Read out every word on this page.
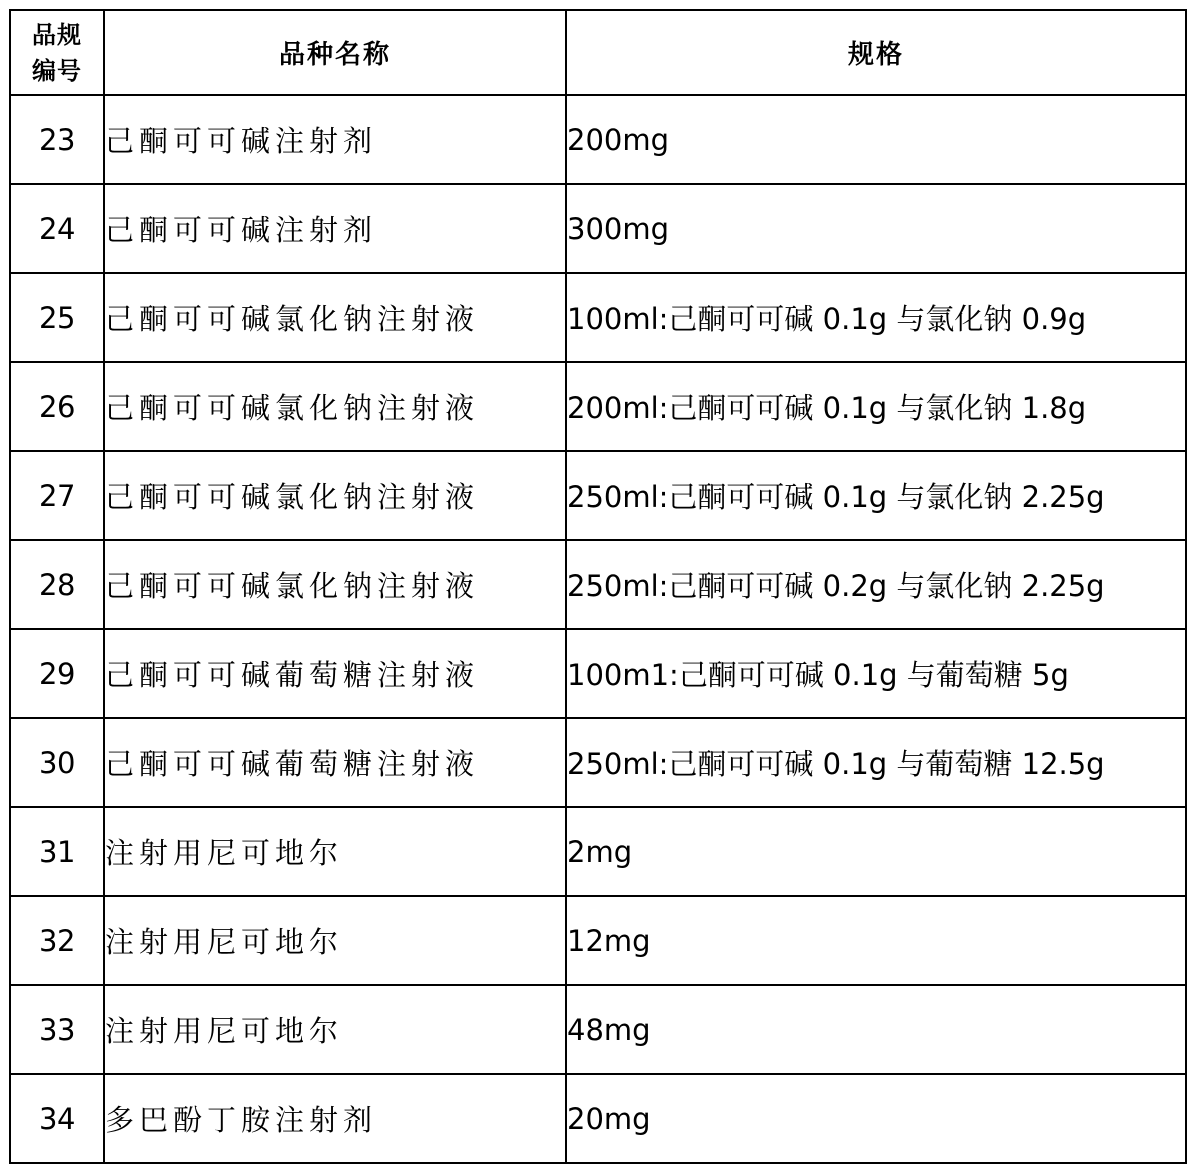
品规
编号	品种名称	规格
23	己酮可可碱注射剂	200mg
24	己酮可可碱注射剂	300mg
25	己酮可可碱氯化钠注射液	100ml:己酮可可碱 0.1g 与氯化钠 0.9g
26	己酮可可碱氯化钠注射液	200ml:己酮可可碱 0.1g 与氯化钠 1.8g
27	己酮可可碱氯化钠注射液	250ml:己酮可可碱 0.1g 与氯化钠 2.25g
28	己酮可可碱氯化钠注射液	250ml:己酮可可碱 0.2g 与氯化钠 2.25g
29	己酮可可碱葡萄糖注射液	100m1:己酮可可碱 0.1g 与葡萄糖 5g
30	己酮可可碱葡萄糖注射液	250ml:己酮可可碱 0.1g 与葡萄糖 12.5g
31	注射用尼可地尔	2mg
32	注射用尼可地尔	12mg
33	注射用尼可地尔	48mg
34	多巴酚丁胺注射剂	20mg
